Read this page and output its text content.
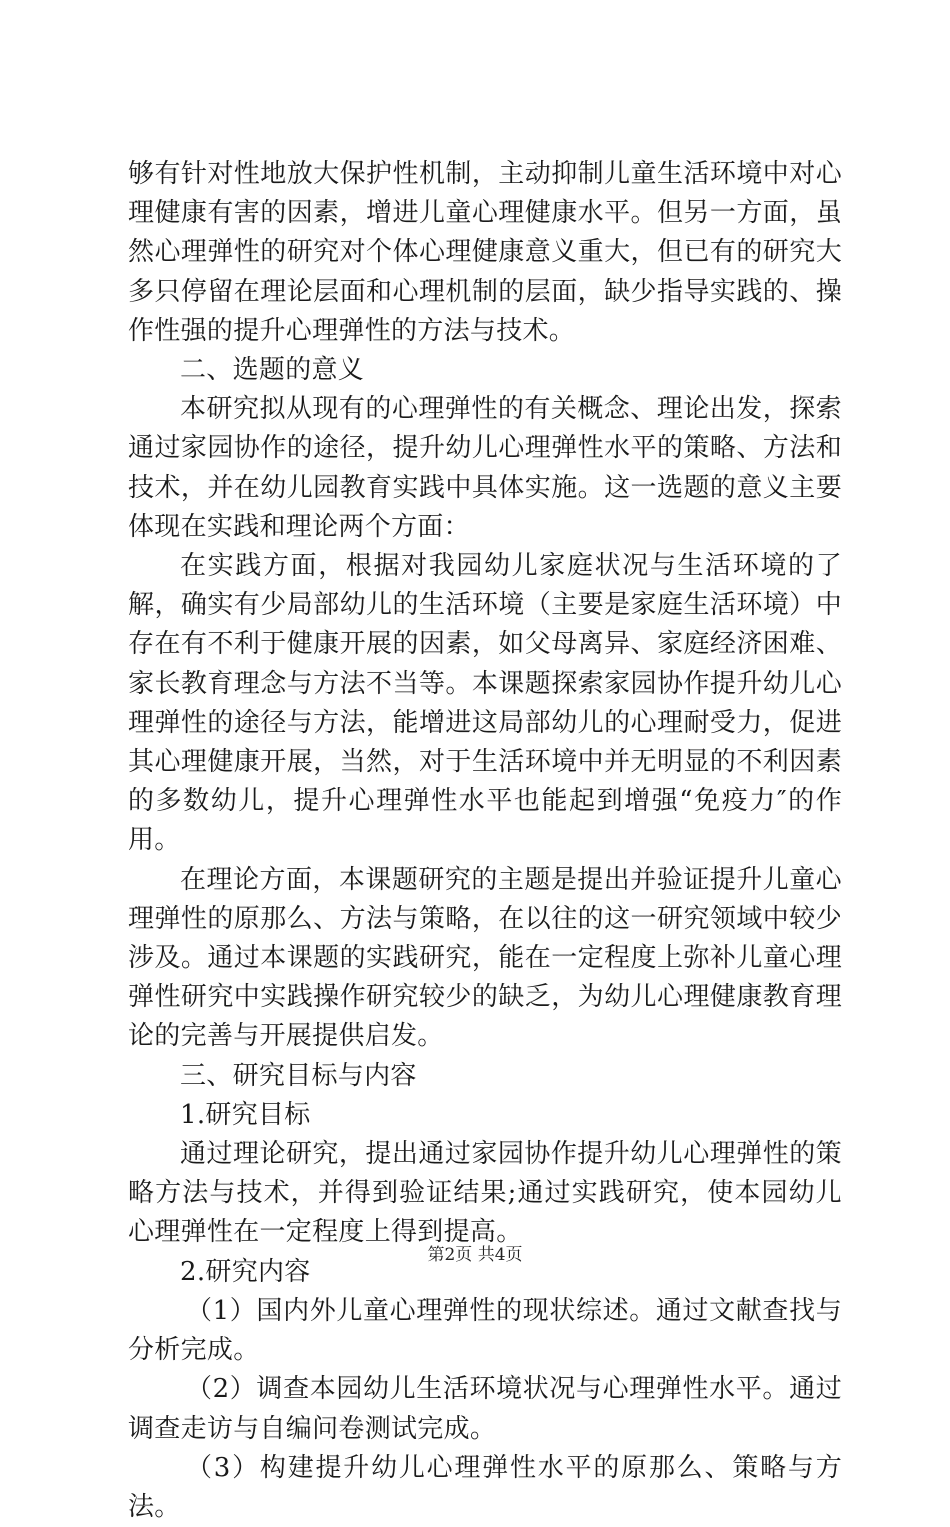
够有针对性地放大保护性机制，主动抑制儿童生活环境中对心理健康有害的因素，增进儿童心理健康水平。但另一方面，虽然心理弹性的研究对个体心理健康意义重大，但已有的研究大多只停留在理论层面和心理机制的层面，缺少指导实践的、操作性强的提升心理弹性的方法与技术。

二、选题的意义

本研究拟从现有的心理弹性的有关概念、理论出发，探索通过家园协作的途径，提升幼儿心理弹性水平的策略、方法和技术，并在幼儿园教育实践中具体实施。这一选题的意义主要体现在实践和理论两个方面：

在实践方面，根据对我园幼儿家庭状况与生活环境的了解，确实有少局部幼儿的生活环境（主要是家庭生活环境）中存在有不利于健康开展的因素，如父母离异、家庭经济困难、家长教育理念与方法不当等。本课题探索家园协作提升幼儿心理弹性的途径与方法，能增进这局部幼儿的心理耐受力，促进其心理健康开展，当然，对于生活环境中并无明显的不利因素的多数幼儿，提升心理弹性水平也能起到增强“免疫力″的作用。

在理论方面，本课题研究的主题是提出并验证提升儿童心理弹性的原那么、方法与策略，在以往的这一研究领域中较少涉及。通过本课题的实践研究，能在一定程度上弥补儿童心理弹性研究中实践操作研究较少的缺乏，为幼儿心理健康教育理论的完善与开展提供启发。

三、研究目标与内容

1.研究目标

通过理论研究，提出通过家园协作提升幼儿心理弹性的策略方法与技术，并得到验证结果;通过实践研究，使本园幼儿心理弹性在一定程度上得到提高。

2.研究内容

（1）国内外儿童心理弹性的现状综述。通过文献查找与分析完成。

（2）调查本园幼儿生活环境状况与心理弹性水平。通过调查走访与自编问卷测试完成。

（3）构建提升幼儿心理弹性水平的原那么、策略与方法。

第2页 共4页
